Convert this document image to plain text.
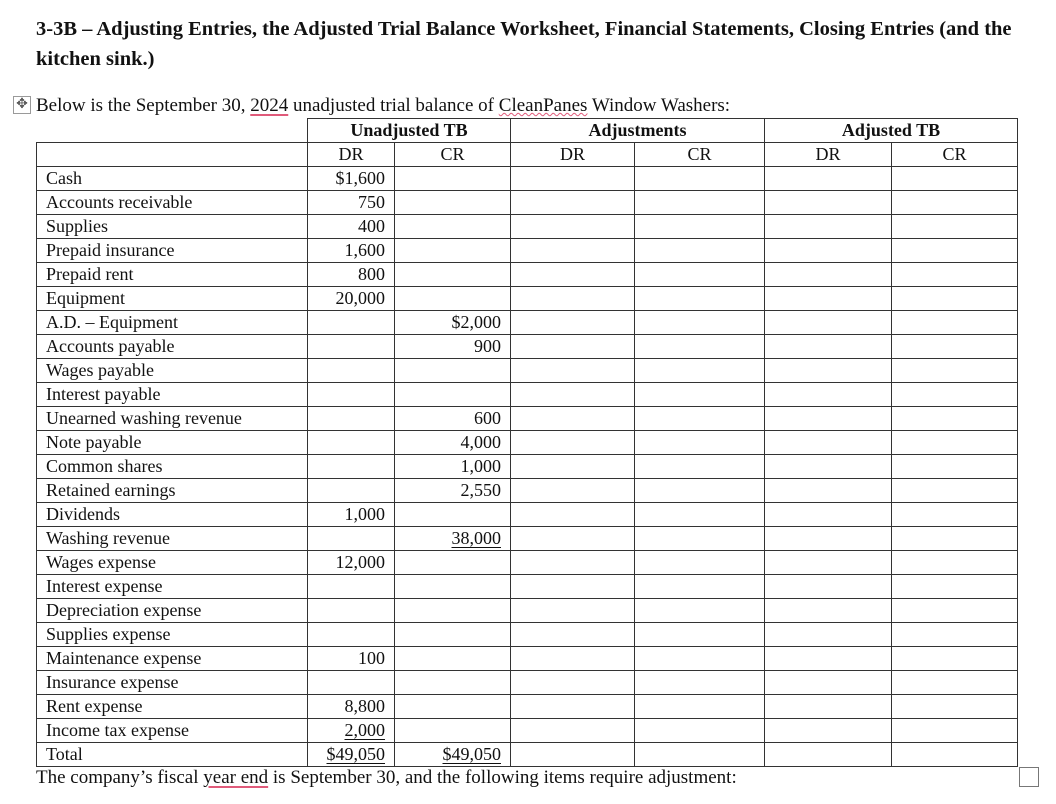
3-3B – Adjusting Entries, the Adjusted Trial Balance Worksheet, Financial Statements, Closing Entries (and the kitchen sink.)
✥ Below is the September 30, 2024 unadjusted trial balance of CleanPanes Window Washers:
	Unadjusted TB		Adjustments		Adjusted TB	
	DR	CR	DR	CR	DR	CR
Cash	$1,600					
Accounts receivable	750					
Supplies	400					
Prepaid insurance	1,600					
Prepaid rent	800					
Equipment	20,000					
A.D. – Equipment		$2,000				
Accounts payable		900				
Wages payable						
Interest payable						
Unearned washing revenue		600				
Note payable		4,000				
Common shares		1,000				
Retained earnings		2,550				
Dividends	1,000					
Washing revenue		38,000				
Wages expense	12,000					
Interest expense						
Depreciation expense						
Supplies expense						
Maintenance expense	100					
Insurance expense						
Rent expense	8,800					
Income tax expense	2,000					
Total	$49,050	$49,050				
The company’s fiscal year end is September 30, and the following items require adjustment:
